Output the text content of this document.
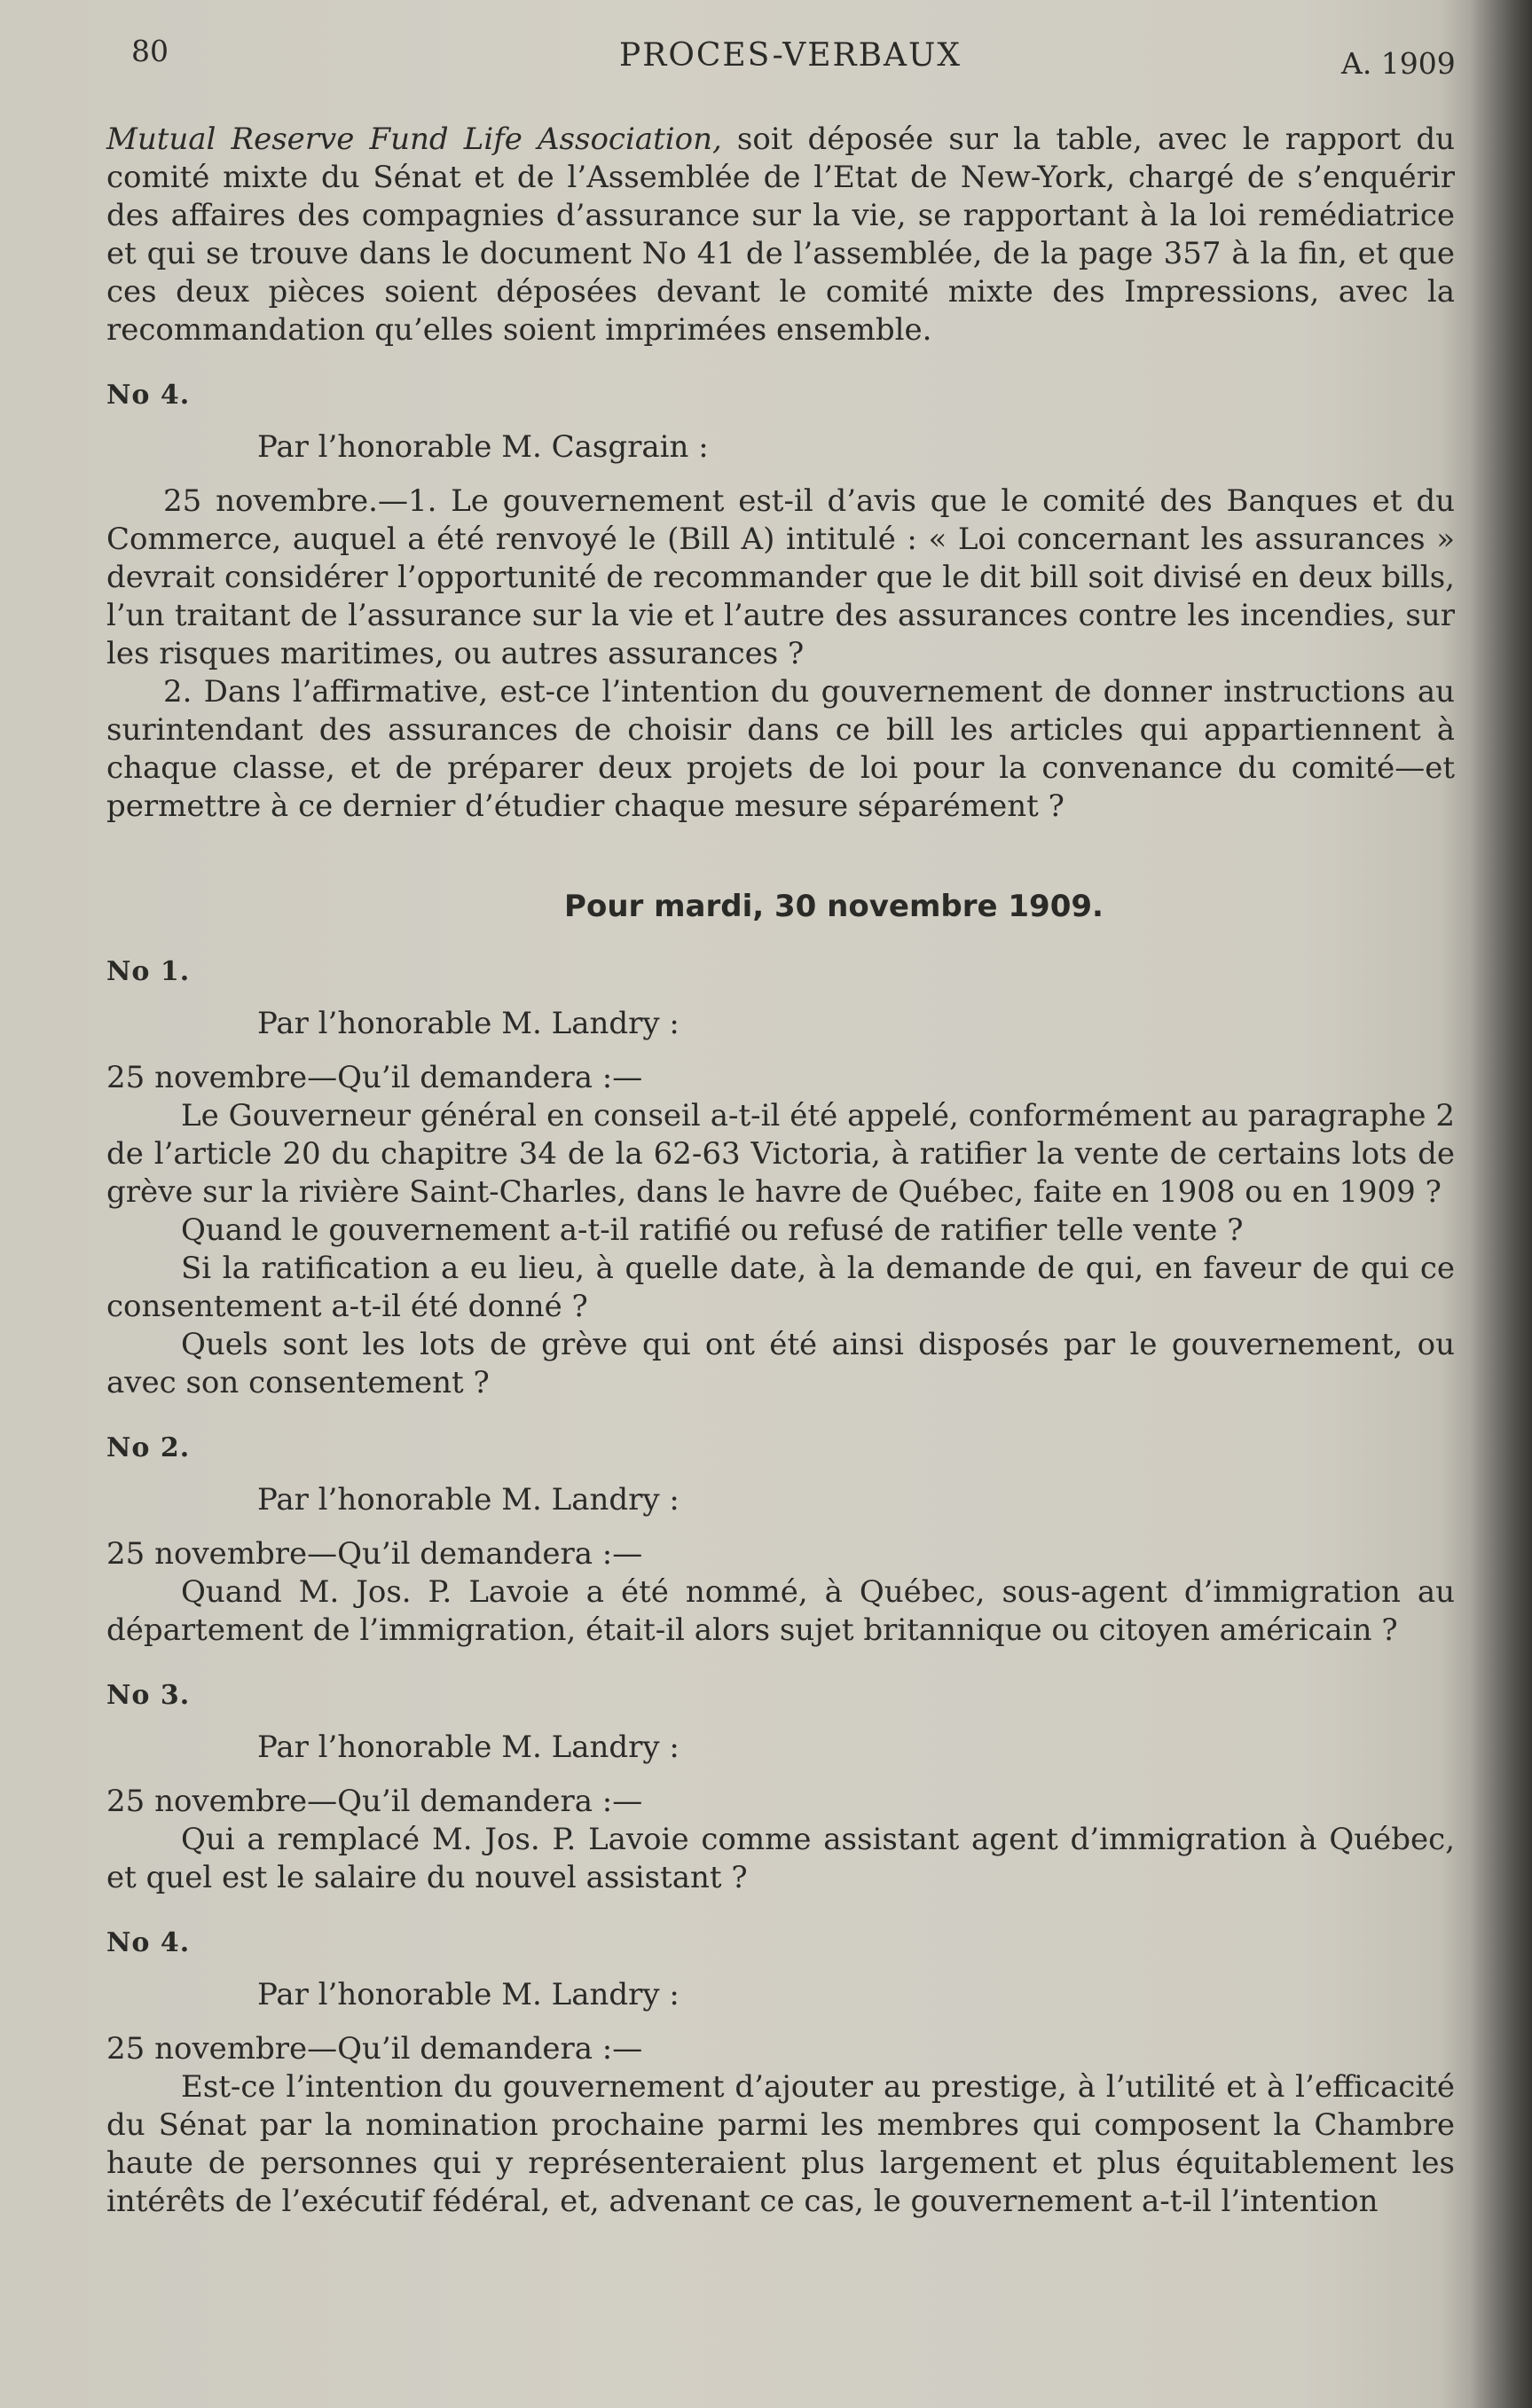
80	PROCES-VERBAUX	A. 1909

Mutual Reserve Fund Life Association, soit déposée sur la table, avec le rapport du comité mixte du Sénat et de l’Assemblée de l’Etat de New-York, chargé de s’enquérir des affaires des compagnies d’assurance sur la vie, se rapportant à la loi remédiatrice et qui se trouve dans le document No 41 de l’assemblée, de la page 357 à la fin, et que ces deux pièces soient déposées devant le comité mixte des Impressions, avec la recommandation qu’elles soient imprimées ensemble.

No 4.
Par l’honorable M. Casgrain :

25 novembre.—1. Le gouvernement est-il d’avis que le comité des Banques et du Commerce, auquel a été renvoyé le (Bill A) intitulé : « Loi concernant les assurances » devrait considérer l’opportunité de recommander que le dit bill soit divisé en deux bills, l’un traitant de l’assurance sur la vie et l’autre des assurances contre les incendies, sur les risques maritimes, ou autres assurances ?

2. Dans l’affirmative, est-ce l’intention du gouvernement de donner instructions au surintendant des assurances de choisir dans ce bill les articles qui appartiennent à chaque classe, et de préparer deux projets de loi pour la convenance du comité—et permettre à ce dernier d’étudier chaque mesure séparément ?

Pour mardi, 30 novembre 1909.
No 1.
Par l’honorable M. Landry :

25 novembre—Qu’il demandera :—

Le Gouverneur général en conseil a-t-il été appelé, conformément au paragraphe 2 de l’article 20 du chapitre 34 de la 62-63 Victoria, à ratifier la vente de certains lots de grève sur la rivière Saint-Charles, dans le havre de Québec, faite en 1908 ou en 1909 ?

Quand le gouvernement a-t-il ratifié ou refusé de ratifier telle vente ?

Si la ratification a eu lieu, à quelle date, à la demande de qui, en faveur de qui ce consentement a-t-il été donné ?

Quels sont les lots de grève qui ont été ainsi disposés par le gouvernement, ou avec son consentement ?

No 2.
Par l’honorable M. Landry :

25 novembre—Qu’il demandera :—

Quand M. Jos. P. Lavoie a été nommé, à Québec, sous-agent d’immigration au département de l’immigration, était-il alors sujet britannique ou citoyen américain ?

No 3.
Par l’honorable M. Landry :

25 novembre—Qu’il demandera :—

Qui a remplacé M. Jos. P. Lavoie comme assistant agent d’immigration à Québec, et quel est le salaire du nouvel assistant ?

No 4.
Par l’honorable M. Landry :

25 novembre—Qu’il demandera :—

Est-ce l’intention du gouvernement d’ajouter au prestige, à l’utilité et à l’efficacité du Sénat par la nomination prochaine parmi les membres qui composent la Chambre haute de personnes qui y représenteraient plus largement et plus équitablement les intérêts de l’exécutif fédéral, et, advenant ce cas, le gouvernement a-t-il l’intention
